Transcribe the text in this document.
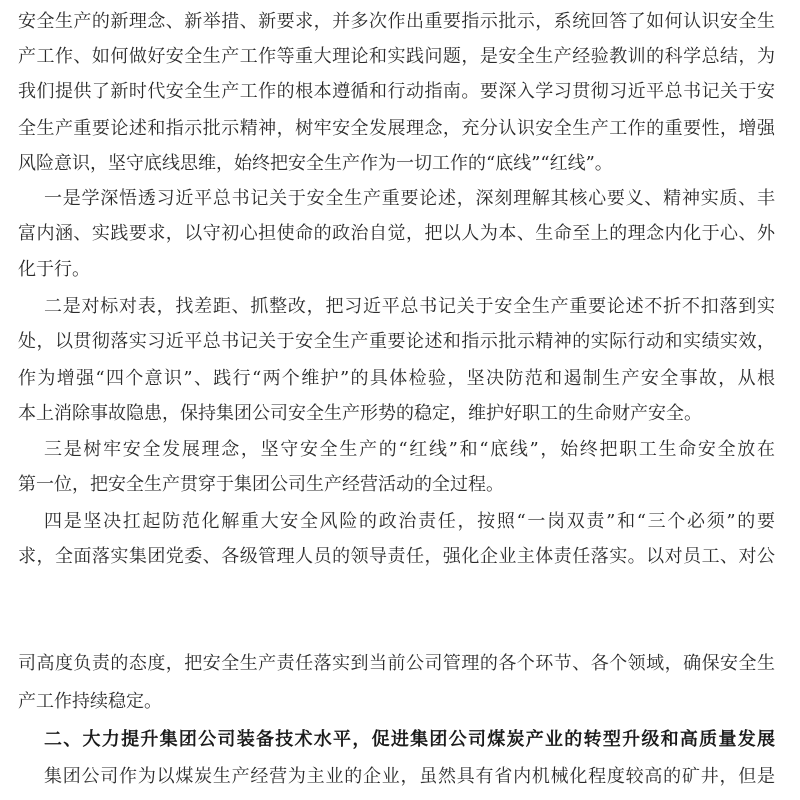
安全生产的新理念、新举措、新要求，并多次作出重要指示批示，系统回答了如何认识安全生
产工作、如何做好安全生产工作等重大理论和实践问题，是安全生产经验教训的科学总结，为
我们提供了新时代安全生产工作的根本遵循和行动指南。要深入学习贯彻习近平总书记关于安
全生产重要论述和指示批示精神，树牢安全发展理念，充分认识安全生产工作的重要性，增强
风险意识，坚守底线思维，始终把安全生产作为一切工作的“底线”“红线”。
一是学深悟透习近平总书记关于安全生产重要论述，深刻理解其核心要义、精神实质、丰
富内涵、实践要求，以守初心担使命的政治自觉，把以人为本、生命至上的理念内化于心、外
化于行。
二是对标对表，找差距、抓整改，把习近平总书记关于安全生产重要论述不折不扣落到实
处，以贯彻落实习近平总书记关于安全生产重要论述和指示批示精神的实际行动和实绩实效，
作为增强“四个意识”、践行“两个维护”的具体检验，坚决防范和遏制生产安全事故，从根
本上消除事故隐患，保持集团公司安全生产形势的稳定，维护好职工的生命财产安全。
三是树牢安全发展理念，坚守安全生产的“红线”和“底线”，始终把职工生命安全放在
第一位，把安全生产贯穿于集团公司生产经营活动的全过程。
四是坚决扛起防范化解重大安全风险的政治责任，按照“一岗双责”和“三个必须”的要
求，全面落实集团党委、各级管理人员的领导责任，强化企业主体责任落实。以对员工、对公
司高度负责的态度，把安全生产责任落实到当前公司管理的各个环节、各个领域，确保安全生
产工作持续稳定。
二、大力提升集团公司装备技术水平，促进集团公司煤炭产业的转型升级和高质量发展
集团公司作为以煤炭生产经营为主业的企业，虽然具有省内机械化程度较高的矿井，但是
